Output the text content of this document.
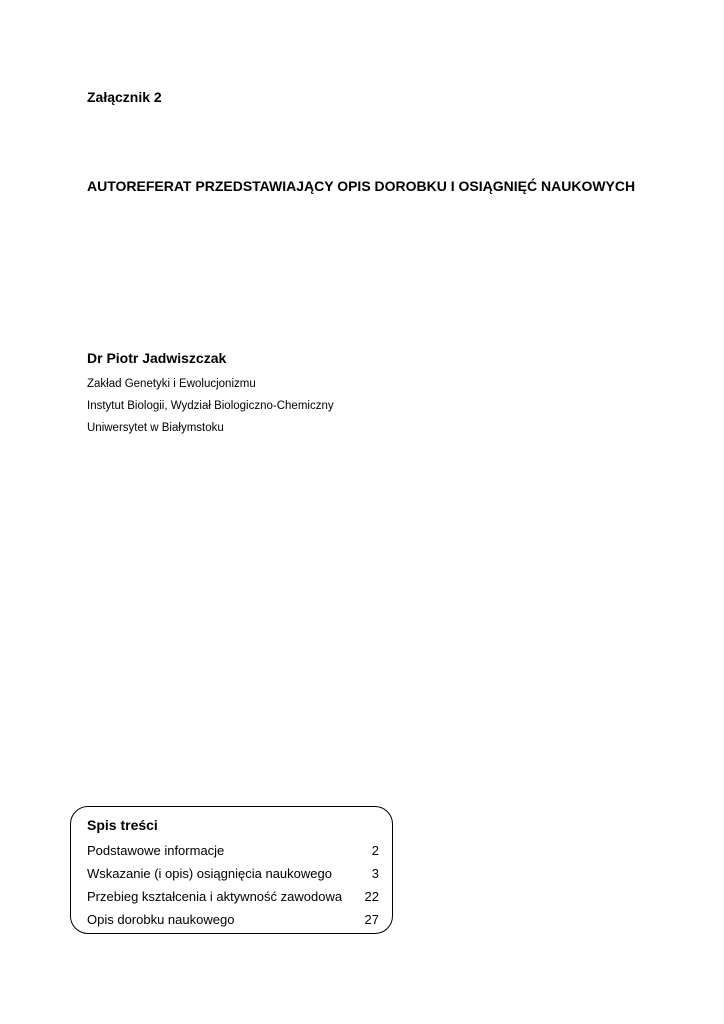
Załącznik 2
AUTOREFERAT PRZEDSTAWIAJĄCY OPIS DOROBKU I OSIĄGNIĘĆ NAUKOWYCH
Dr Piotr Jadwiszczak
Zakład Genetyki i Ewolucjonizmu
Instytut Biologii, Wydział Biologiczno-Chemiczny
Uniwersytet w Białymstoku
Spis treści
Podstawowe informacje	2
Wskazanie (i opis) osiągnięcia naukowego	3
Przebieg kształcenia i aktywność zawodowa	22
Opis dorobku naukowego	27
